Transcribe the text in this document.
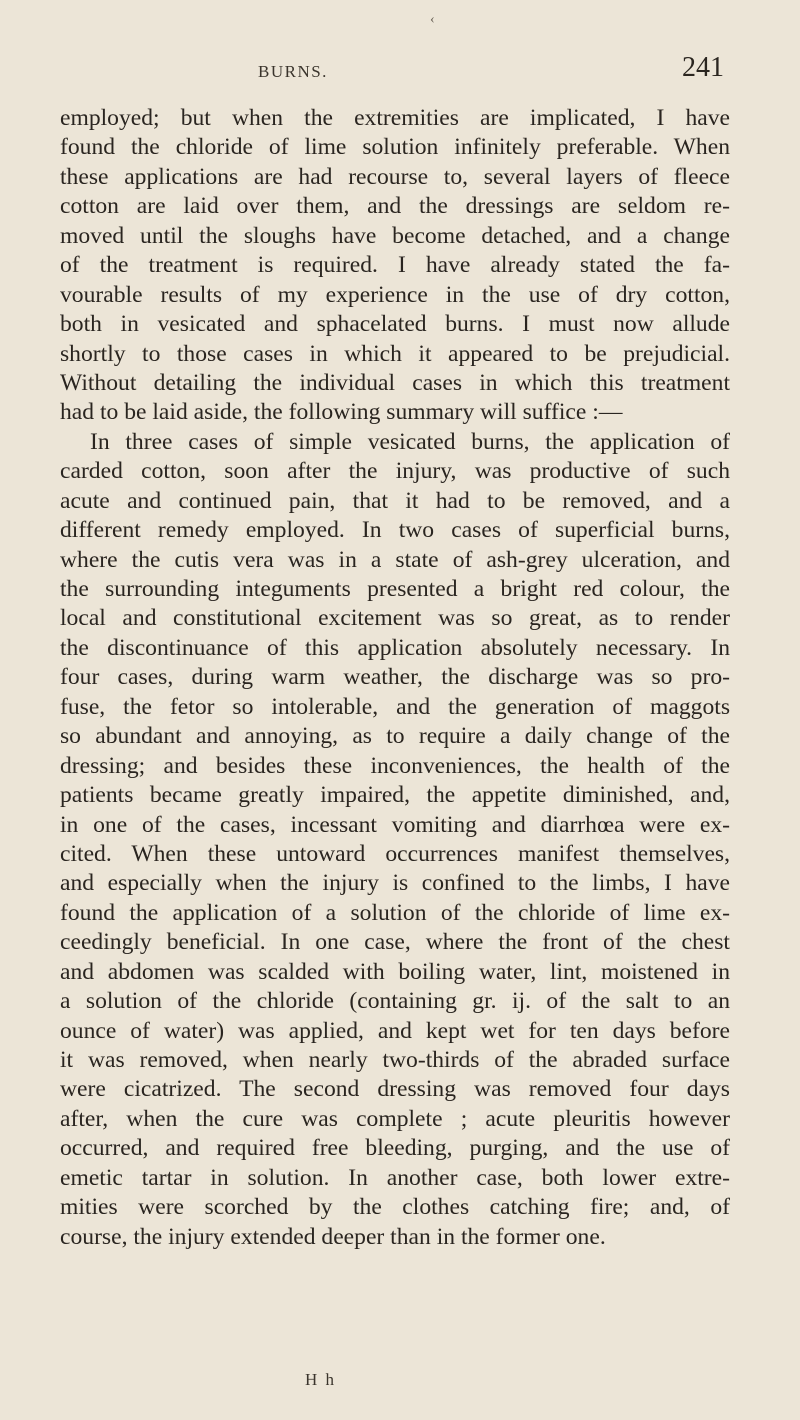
‹
BURNS.	241
employed; but when the extremities are implicated, I have
found the chloride of lime solution infinitely preferable. When
these applications are had recourse to, several layers of fleece
cotton are laid over them, and the dressings are seldom re-
moved until the sloughs have become detached, and a change
of the treatment is required. I have already stated the fa-
vourable results of my experience in the use of dry cotton,
both in vesicated and sphacelated burns. I must now allude
shortly to those cases in which it appeared to be prejudicial.
Without detailing the individual cases in which this treatment
had to be laid aside, the following summary will suffice :—
In three cases of simple vesicated burns, the application of
carded cotton, soon after the injury, was productive of such
acute and continued pain, that it had to be removed, and a
different remedy employed. In two cases of superficial burns,
where the cutis vera was in a state of ash-grey ulceration, and
the surrounding integuments presented a bright red colour, the
local and constitutional excitement was so great, as to render
the discontinuance of this application absolutely necessary. In
four cases, during warm weather, the discharge was so pro-
fuse, the fetor so intolerable, and the generation of maggots
so abundant and annoying, as to require a daily change of the
dressing; and besides these inconveniences, the health of the
patients became greatly impaired, the appetite diminished, and,
in one of the cases, incessant vomiting and diarrhœa were ex-
cited. When these untoward occurrences manifest themselves,
and especially when the injury is confined to the limbs, I have
found the application of a solution of the chloride of lime ex-
ceedingly beneficial. In one case, where the front of the chest
and abdomen was scalded with boiling water, lint, moistened in
a solution of the chloride (containing gr. ij. of the salt to an
ounce of water) was applied, and kept wet for ten days before
it was removed, when nearly two-thirds of the abraded surface
were cicatrized. The second dressing was removed four days
after, when the cure was complete ; acute pleuritis however
occurred, and required free bleeding, purging, and the use of
emetic tartar in solution. In another case, both lower extre-
mities were scorched by the clothes catching fire; and, of
course, the injury extended deeper than in the former one.
H h
